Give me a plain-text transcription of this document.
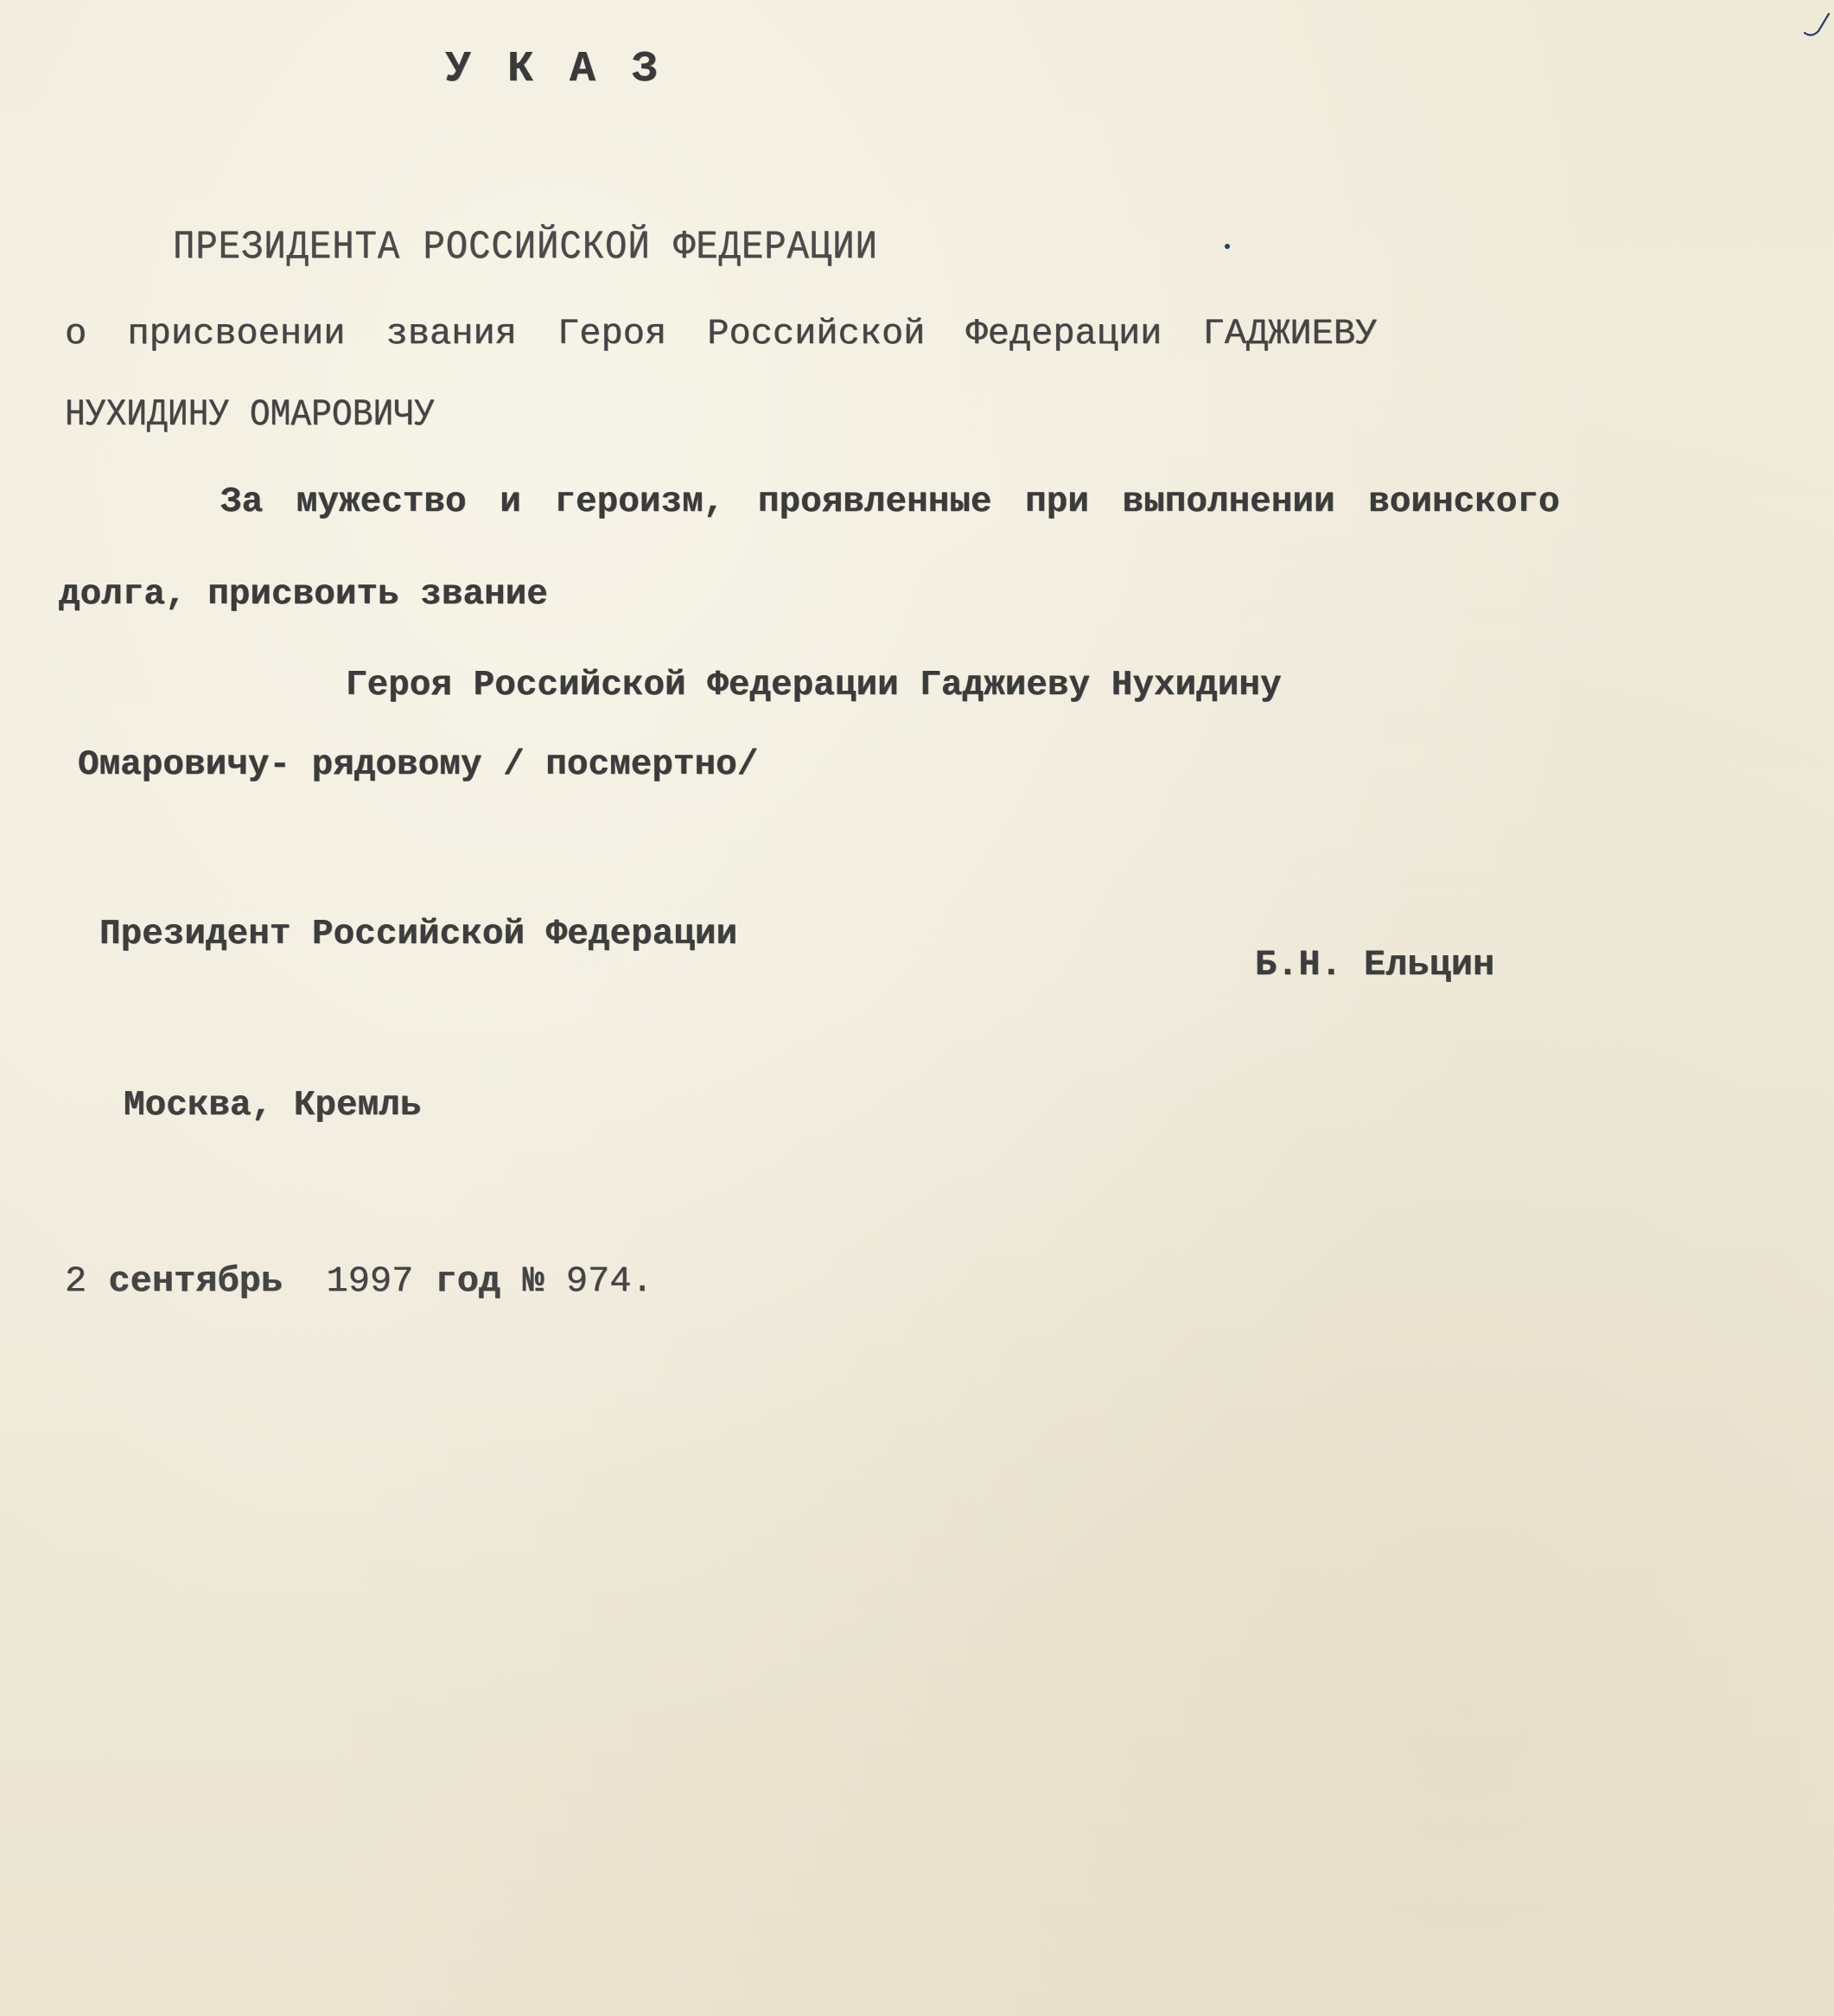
У К А З
ПРЕЗИДЕНТА РОССИЙСКОЙ ФЕДЕРАЦИИ
о присвоении звания Героя Российской Федерации ГАДЖИЕВУ
НУХИДИНУ ОМАРОВИЧУ
За мужество и героизм, проявленные при выполнении воинского
долга, присвоить звание
Героя Российской Федерации Гаджиеву Нухидину
Омаровичу- рядовому / посмертно/
Президент Российской Федерации
Б.Н. Ельцин
Москва, Кремль
2 сентябрь 1997 год № 974.
